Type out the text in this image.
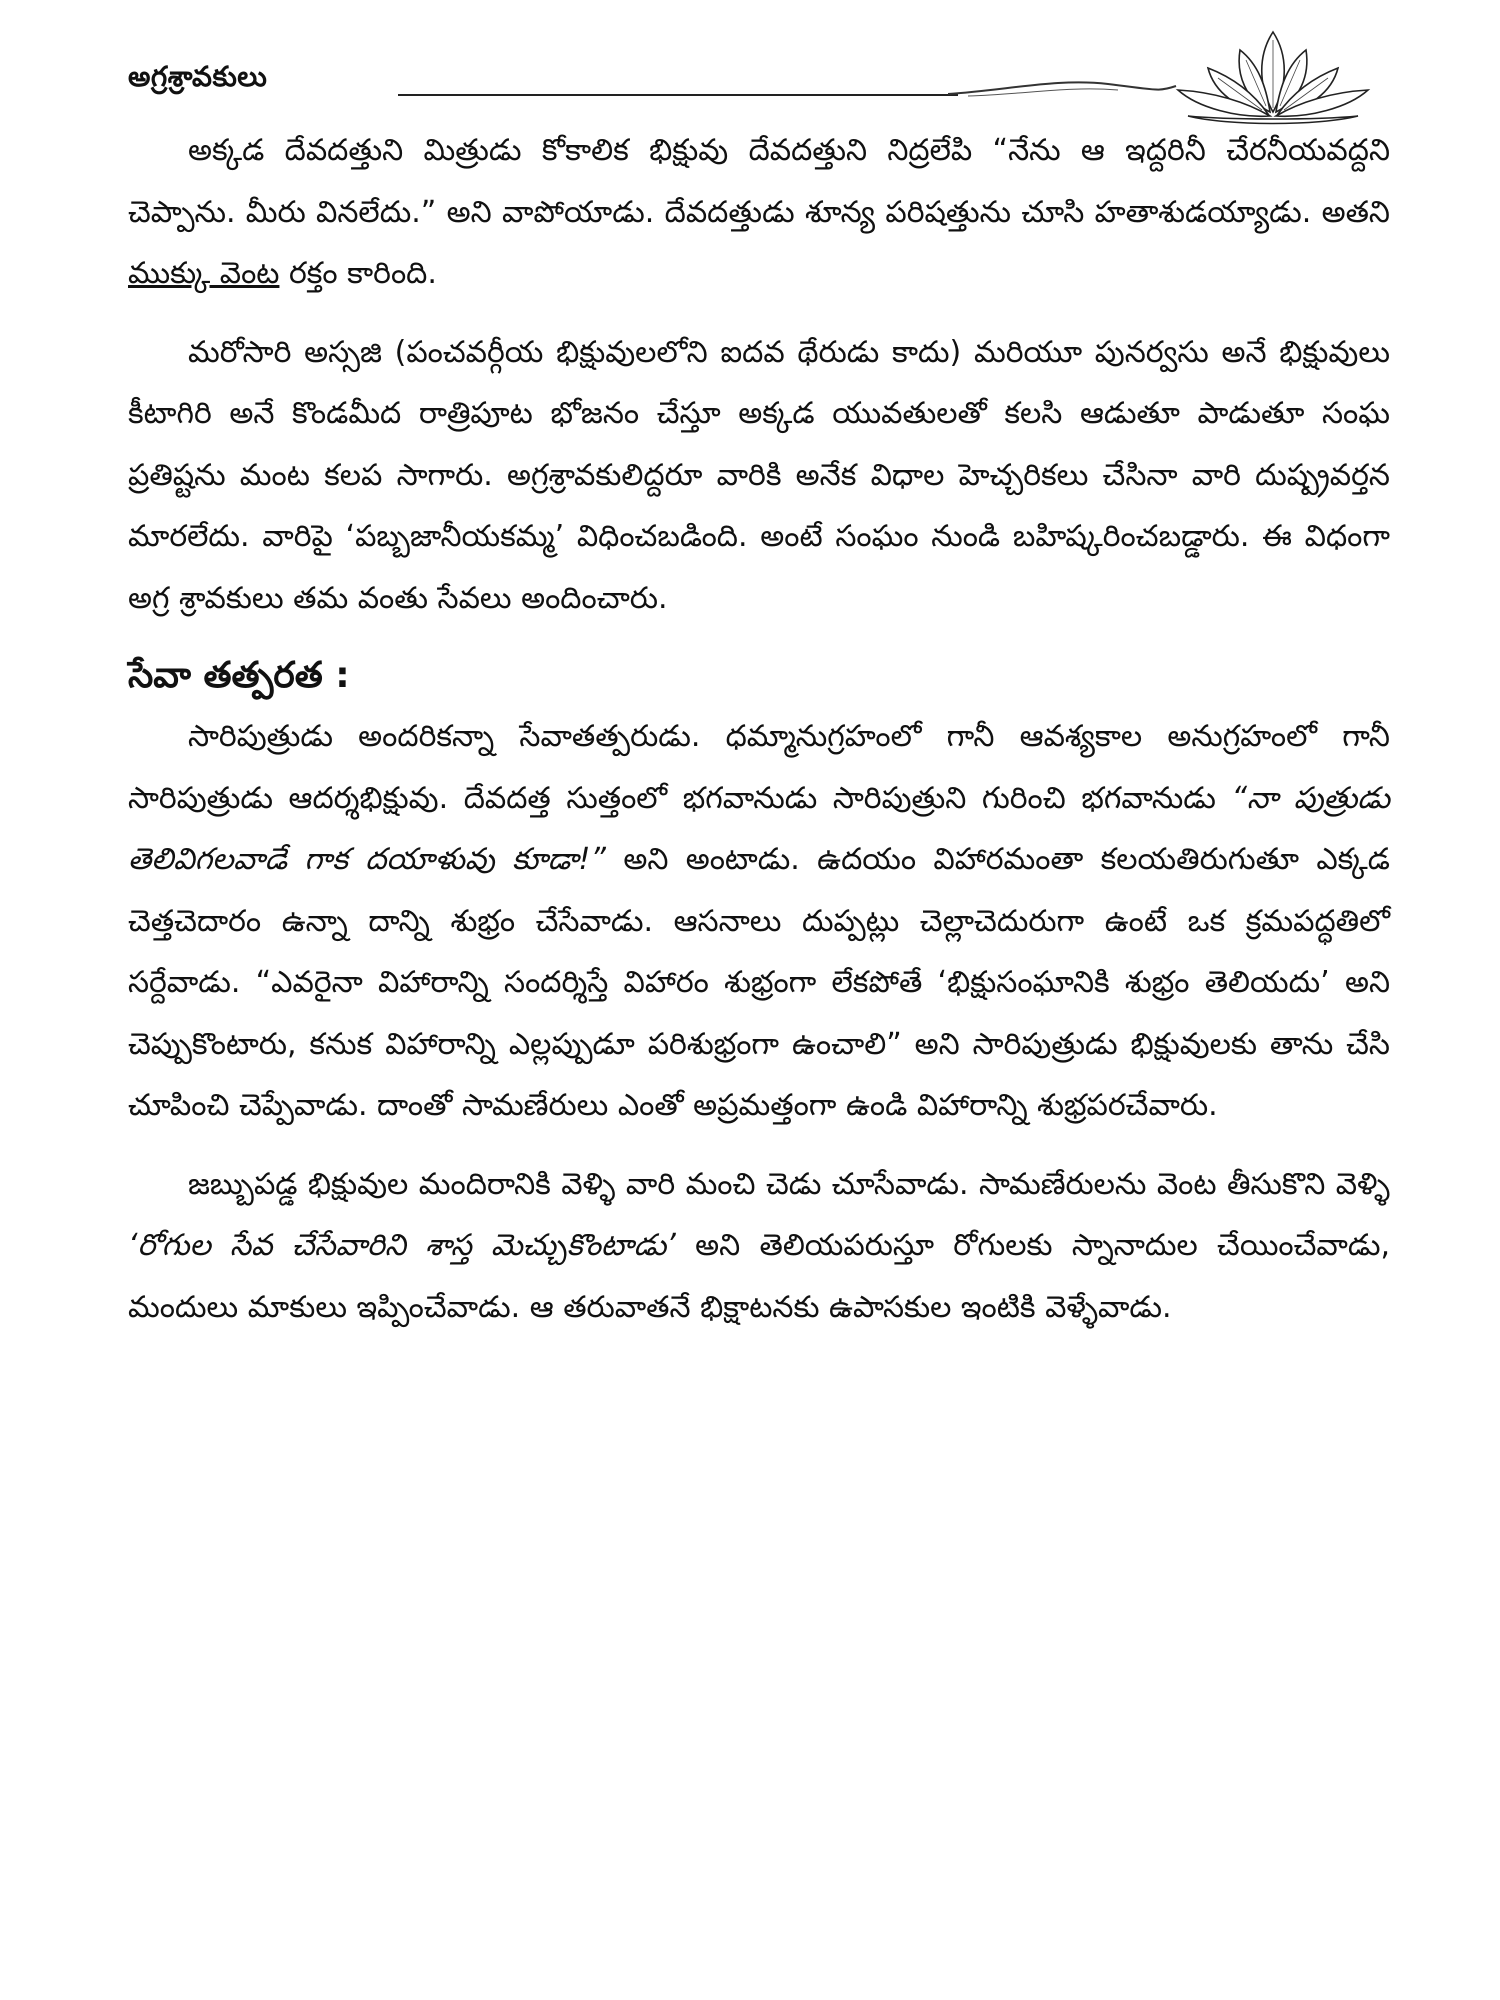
అగ్రశ్రావకులు

అక్కడ దేవదత్తుని మిత్రుడు కోకాలిక భిక్షువు దేవదత్తుని నిద్రలేపి “నేను ఆ ఇద్దరినీ చేరనీయవద్దని చెప్పాను. మీరు వినలేదు.” అని వాపోయాడు. దేవదత్తుడు శూన్య పరిషత్తును చూసి హతాశుడయ్యాడు. అతని ముక్కు వెంట రక్తం కారింది.

మరోసారి అస్సజి (పంచవర్గీయ భిక్షువులలోని ఐదవ థేరుడు కాదు) మరియూ పునర్వసు అనే భిక్షువులు కీటాగిరి అనే కొండమీద రాత్రిపూట భోజనం చేస్తూ అక్కడ యువతులతో కలసి ఆడుతూ పాడుతూ సంఘ ప్రతిష్టను మంట కలప సాగారు. అగ్రశ్రావకులిద్దరూ వారికి అనేక విధాల హెచ్చరికలు చేసినా వారి దుష్ప్రవర్తన మారలేదు. వారిపై ‘పబ్బజానీయకమ్మ’ విధించబడింది. అంటే సంఘం నుండి బహిష్కరించబడ్డారు. ఈ విధంగా అగ్ర శ్రావకులు తమ వంతు సేవలు అందించారు.

సేవా తత్పరత :

సారిపుత్రుడు అందరికన్నా సేవాతత్పరుడు. ధమ్మానుగ్రహంలో గానీ ఆవశ్యకాల అనుగ్రహంలో గానీ సారిపుత్రుడు ఆదర్శభిక్షువు. దేవదత్త సుత్తంలో భగవానుడు సారిపుత్రుని గురించి భగవానుడు “నా పుత్రుడు తెలివిగలవాడే గాక దయాళువు కూడా!” అని అంటాడు. ఉదయం విహారమంతా కలయతిరుగుతూ ఎక్కడ చెత్తచెదారం ఉన్నా దాన్ని శుభ్రం చేసేవాడు. ఆసనాలు దుప్పట్లు చెల్లాచెదురుగా ఉంటే ఒక క్రమపద్ధతిలో సర్దేవాడు. “ఎవరైనా విహారాన్ని సందర్శిస్తే విహారం శుభ్రంగా లేకపోతే ‘భిక్షుసంఘానికి శుభ్రం తెలియదు’ అని చెప్పుకొంటారు, కనుక విహారాన్ని ఎల్లప్పుడూ పరిశుభ్రంగా ఉంచాలి” అని సారిపుత్రుడు భిక్షువులకు తాను చేసి చూపించి చెప్పేవాడు. దాంతో సామణేరులు ఎంతో అప్రమత్తంగా ఉండి విహారాన్ని శుభ్రపరచేవారు.

జబ్బుపడ్డ భిక్షువుల మందిరానికి వెళ్ళి వారి మంచి చెడు చూసేవాడు. సామణేరులను వెంట తీసుకొని వెళ్ళి ‘రోగుల సేవ చేసేవారిని శాస్త మెచ్చుకొంటాడు’ అని తెలియపరుస్తూ రోగులకు స్నానాదుల చేయించేవాడు, మందులు మాకులు ఇప్పించేవాడు. ఆ తరువాతనే భిక్షాటనకు ఉపాసకుల ఇంటికి వెళ్ళేవాడు.
